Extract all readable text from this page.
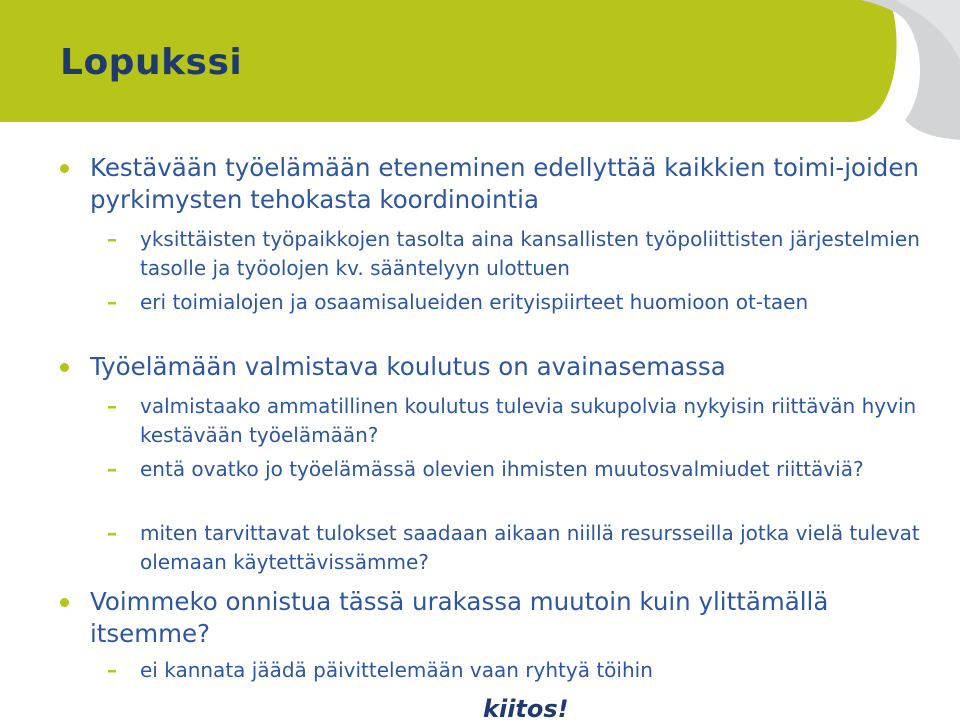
Lopukssi
Kestävään työelämään eteneminen edellyttää kaikkien toimi-joiden pyrkimysten tehokasta koordinointia
– yksittäisten työpaikkojen tasolta aina kansallisten työpoliittisten järjestelmien tasolle ja työolojen kv. sääntelyyn ulottuen
– eri toimialojen ja osaamisalueiden erityispiirteet huomioon ot-taen
Työelämään valmistava koulutus on avainasemassa
– valmistaako ammatillinen koulutus tulevia sukupolvia nykyisin riittävän hyvin kestävään työelämään?
– entä ovatko jo työelämässä olevien ihmisten muutosvalmiudet riittäviä?
– miten tarvittavat tulokset saadaan aikaan niillä resursseilla jotka vielä tulevat olemaan käytettävissämme?
Voimmeko onnistua tässä urakassa muutoin kuin ylittämällä itsemme?
– ei kannata jäädä päivittelemään vaan ryhtyä töihin
kiitos!
